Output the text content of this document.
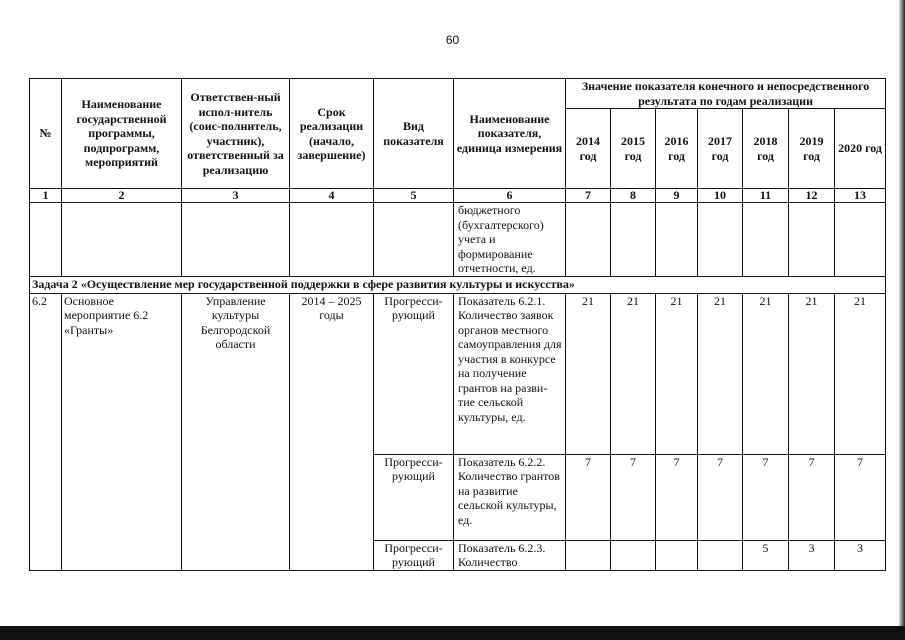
60
№	Наименование государственной программы, подпрограмм, мероприятий	Ответствен-ный испол-нитель (соис-полнитель, участник), ответственный за реализацию	Срок реализации (начало, завершение)	Вид показателя	Наименование показателя, единица измерения	Значение показателя конечного и непосредственного результата по годам реализации						
						2014 год	2015 год	2016 год	2017 год	2018 год	2019 год	2020 год
1	2	3	4	5	6	7	8	9	10	11	12	13
					бюджетного (бухгалтерского) учета и формирование отчетности, ед.							
Задача 2 «Осуществление мер государственной поддержки в сфере развития культуры и искусства»												
6.2	Основное мероприятие 6.2 «Гранты»	Управление культуры Белгородской области	2014 – 2025 годы	Прогресси-рующий	Показатель 6.2.1. Количество заявок органов местного самоуправления для участия в конкурсе на получение грантов на разви-тие сельской культуры, ед.	21	21	21	21	21	21	21
				Прогресси-рующий	Показатель 6.2.2. Количество грантов на развитие сельской культуры, ед.	7	7	7	7	7	7	7
				Прогресси-рующий	Показатель 6.2.3. Количество					5	3	3
